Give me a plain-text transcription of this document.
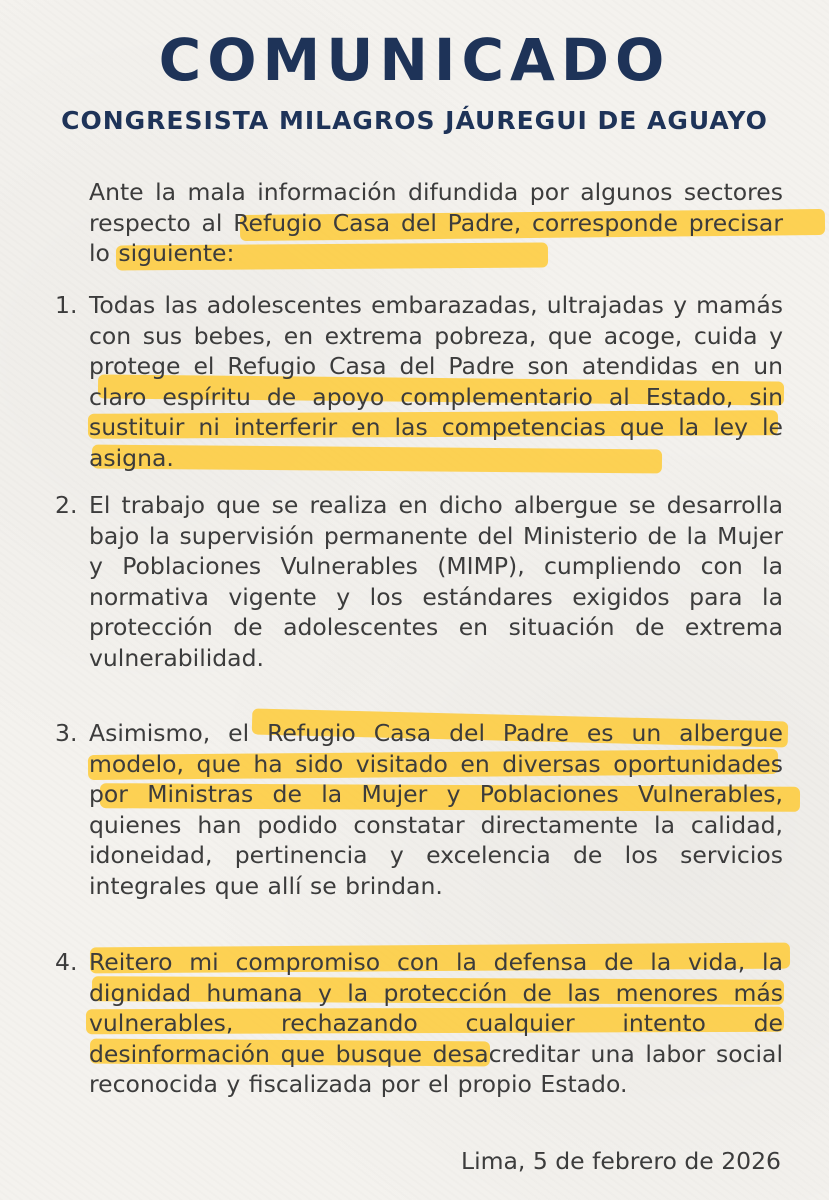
COMUNICADO
CONGRESISTA MILAGROS JÁUREGUI DE AGUAYO

Ante la mala información difundida por algunos sectores respecto al Refugio Casa del Padre, corresponde precisar lo siguiente:

1. Todas las adolescentes embarazadas, ultrajadas y mamás con sus bebes, en extrema pobreza, que acoge, cuida y protege el Refugio Casa del Padre son atendidas en un claro espíritu de apoyo complementario al Estado, sin sustituir ni interferir en las competencias que la ley le asigna.

2. El trabajo que se realiza en dicho albergue se desarrolla bajo la supervisión permanente del Ministerio de la Mujer y Poblaciones Vulnerables (MIMP), cumpliendo con la normativa vigente y los estándares exigidos para la protección de adolescentes en situación de extrema vulnerabilidad.

3. Asimismo, el Refugio Casa del Padre es un albergue modelo, que ha sido visitado en diversas oportunidades por Ministras de la Mujer y Poblaciones Vulnerables, quienes han podido constatar directamente la calidad, idoneidad, pertinencia y excelencia de los servicios integrales que allí se brindan.

4. Reitero mi compromiso con la defensa de la vida, la dignidad humana y la protección de las menores más vulnerables, rechazando cualquier intento de desinformación que busque desacreditar una labor social reconocida y fiscalizada por el propio Estado.

Lima, 5 de febrero de 2026
